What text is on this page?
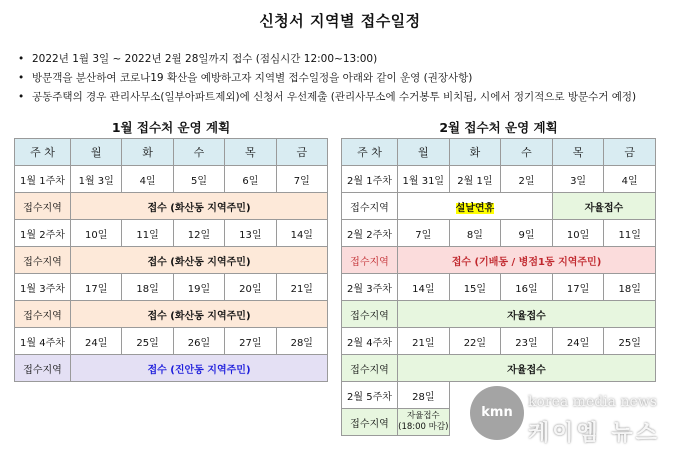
신청서 지역별 접수일정
• 2022년 1월 3일 ~ 2022년 2월 28일까지 접수 (점심시간 12:00~13:00)
• 방문객을 분산하여 코로나19 확산을 예방하고자 지역별 접수일정을 아래와 같이 운영 (권장사항)
• 공동주택의 경우 관리사무소(일부아파트제외)에 신청서 우선제출 (관리사무소에 수거봉투 비치됨, 시에서 정기적으로 방문수거 예정)
1월 접수처 운영 계획	2월 접수처 운영 계획
주 차	월	화	수	목	금
1월 1주차	1월 3일	4일	5일	6일	7일
접수지역	접수 (화산동 지역주민)				
1월 2주차	10일	11일	12일	13일	14일
접수지역	접수 (화산동 지역주민)				
1월 3주차	17일	18일	19일	20일	21일
접수지역	접수 (화산동 지역주민)				
1월 4주차	24일	25일	26일	27일	28일
접수지역	접수 (진안동 지역주민)				
주 차	월	화	수	목	금
2월 1주차	1월 31일	2월 1일	2일	3일	4일
접수지역	설날연휴			자율접수	
2월 2주차	7일	8일	9일	10일	11일
접수지역	접수 (기배동 / 병점1동 지역주민)				
2월 3주차	14일	15일	16일	17일	18일
접수지역	자율접수				
2월 4주차	21일	22일	23일	24일	25일
접수지역	자율접수				
2월 5주차	28일				
접수지역	자율접수
(18:00 마감)				

kmn
korea media news
케이엠 뉴스
